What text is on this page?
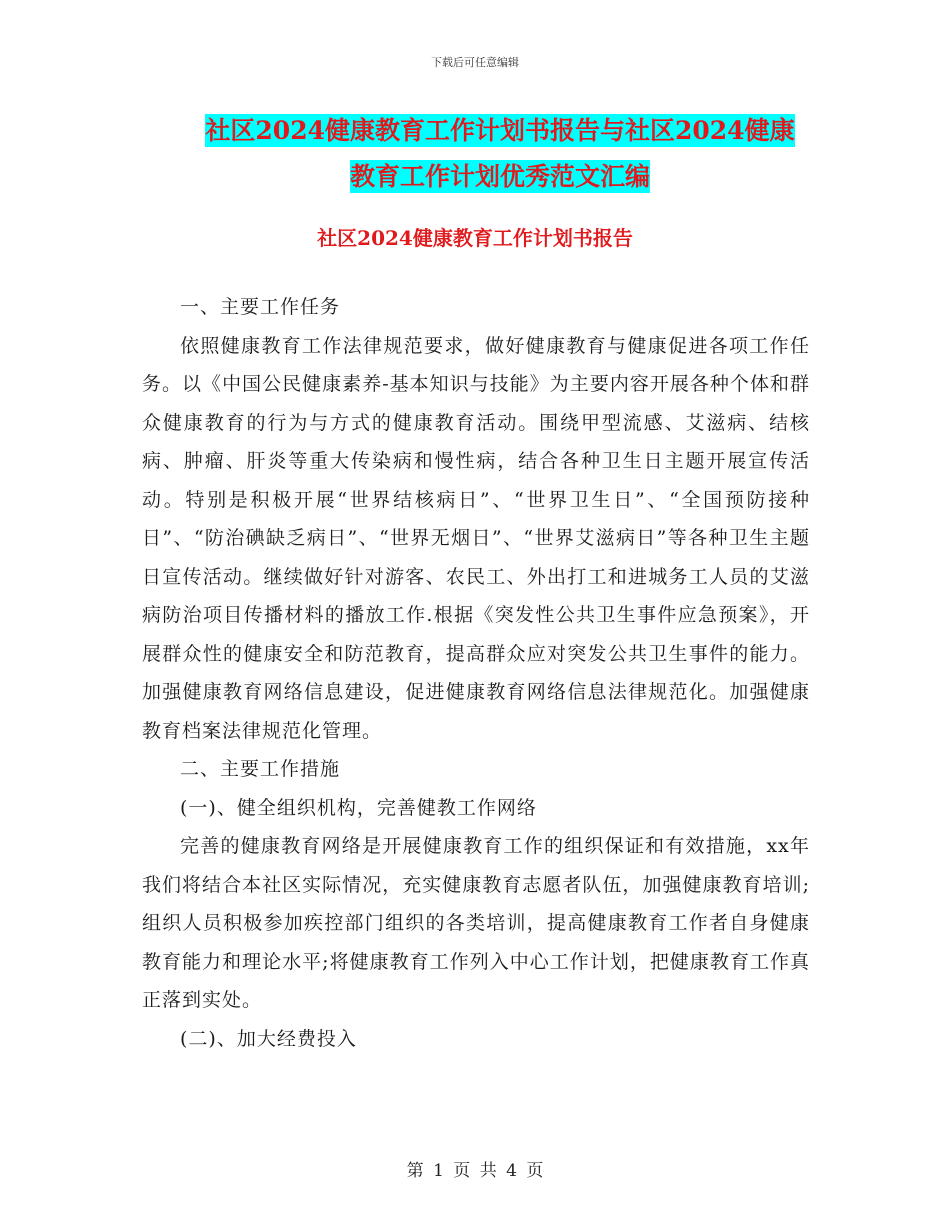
下载后可任意编辑
社区2024健康教育工作计划书报告与社区2024健康
教育工作计划优秀范文汇编
社区2024健康教育工作计划书报告

一、主要工作任务

依照健康教育工作法律规范要求，做好健康教育与健康促进各项工作任务。以《中国公民健康素养-基本知识与技能》为主要内容开展各种个体和群众健康教育的行为与方式的健康教育活动。围绕甲型流感、艾滋病、结核病、肿瘤、肝炎等重大传染病和慢性病，结合各种卫生日主题开展宣传活动。特别是积极开展“世界结核病日”、“世界卫生日”、“全国预防接种日”、“防治碘缺乏病日”、“世界无烟日”、“世界艾滋病日”等各种卫生主题日宣传活动。继续做好针对游客、农民工、外出打工和进城务工人员的艾滋病防治项目传播材料的播放工作.根据《突发性公共卫生事件应急预案》，开展群众性的健康安全和防范教育，提高群众应对突发公共卫生事件的能力。加强健康教育网络信息建设，促进健康教育网络信息法律规范化。加强健康教育档案法律规范化管理。

二、主要工作措施

(一)、健全组织机构，完善健教工作网络

完善的健康教育网络是开展健康教育工作的组织保证和有效措施，xx年我们将结合本社区实际情况，充实健康教育志愿者队伍，加强健康教育培训;组织人员积极参加疾控部门组织的各类培训，提高健康教育工作者自身健康教育能力和理论水平;将健康教育工作列入中心工作计划，把健康教育工作真正落到实处。

(二)、加大经费投入

第 1 页 共 4 页
